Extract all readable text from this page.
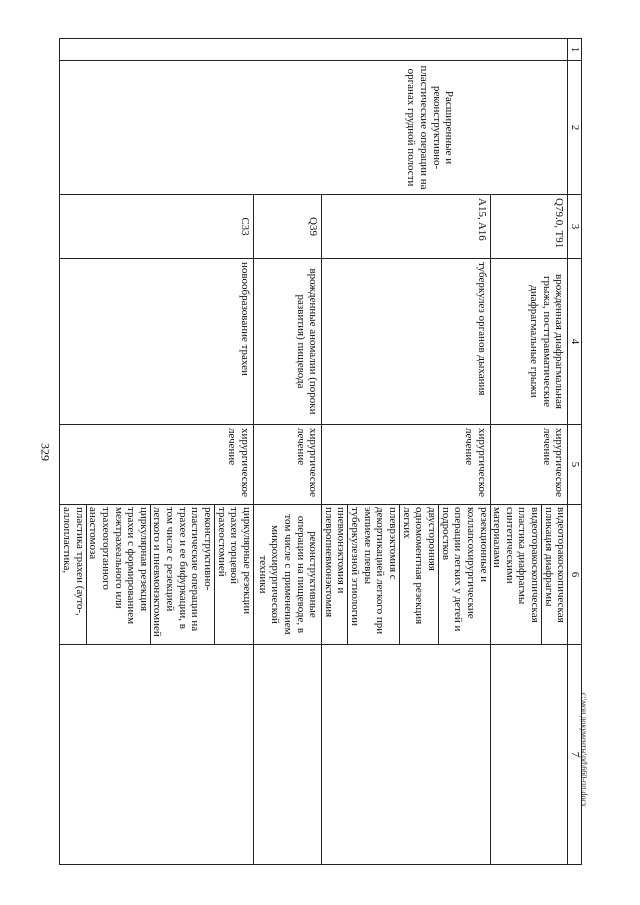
329
c:\мои документы\pd\660-пп.docx
1	2	3	4	5	6	7
	Расширенные и реконструктивно-пластические операции на органах грудной полости	Q79.0, T91	врожденная диафрагмальная грыжа, посттравматические диафрагмальные грыжи	хирургическое лечение	
видеоторакоскопическая пликация диафрагмы
видеоторакоскопическая пластика диафрагмы синтетическими материалами

A15, A16	туберкулез органов дыхания	хирургическое лечение	
резекционные и коллапсохирургические операции легких у детей и подростков
двусторонняя одномоментная резекция легких
плеврэктомия с декортикацией легкого при эмпиеме плевры туберкулезной этиологии
пневмонэктомия и плевропневмонэктомия

Q39	врожденные аномалии (пороки развития) пищевода	хирургическое лечение	реконструктивные операции на пищеводе, в том числе с применением микрохирургической техники	
C33	новообразование трахеи	хирургическое лечение	
циркулярные резекции трахеи торцевой трахеостомией
реконструктивно-пластические операции на трахее и ее бифуркации, в том числе с резекцией легкого и пневмонэктомией
циркулярная резекция трахеи с формированием межтрахеального или трахеогортанного анастомоза
пластика трахеи (ауто-, аллопластика,
